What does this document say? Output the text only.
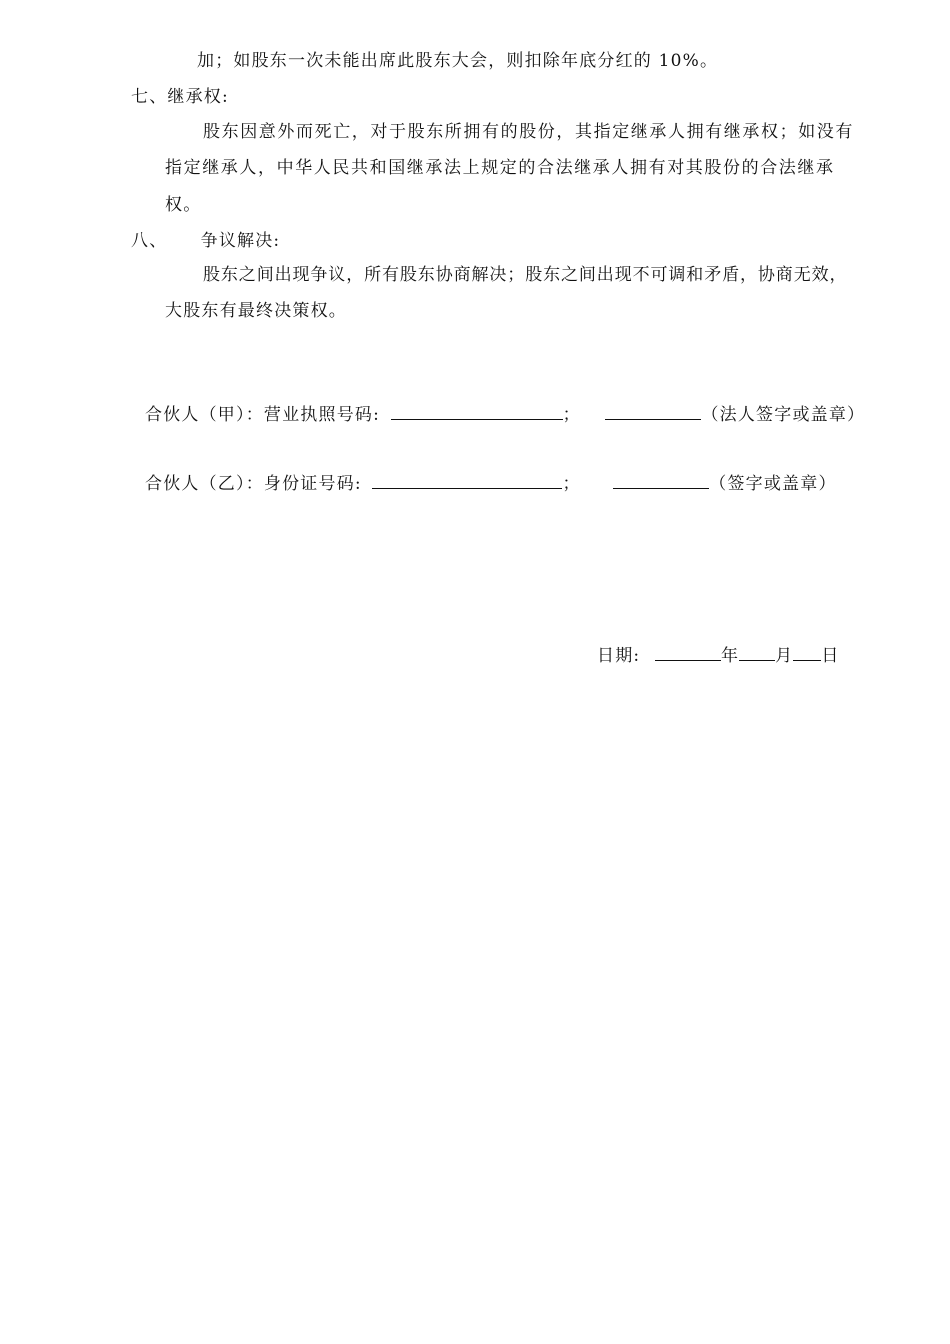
加；如股东一次未能出席此股东大会，则扣除年底分红的 10%。
七、继承权:
股东因意外而死亡，对于股东所拥有的股份，其指定继承人拥有继承权；如没有
指定继承人，中华人民共和国继承法上规定的合法继承人拥有对其股份的合法继承
权。
八、 争议解决:
股东之间出现争议，所有股东协商解决；股东之间出现不可调和矛盾，协商无效，
大股东有最终决策权。
合伙人（甲）：营业执照号码:	；	（法人签字或盖章）
合伙人（乙）：身份证号码:	；	（签字或盖章）
日期:	年 月 日
